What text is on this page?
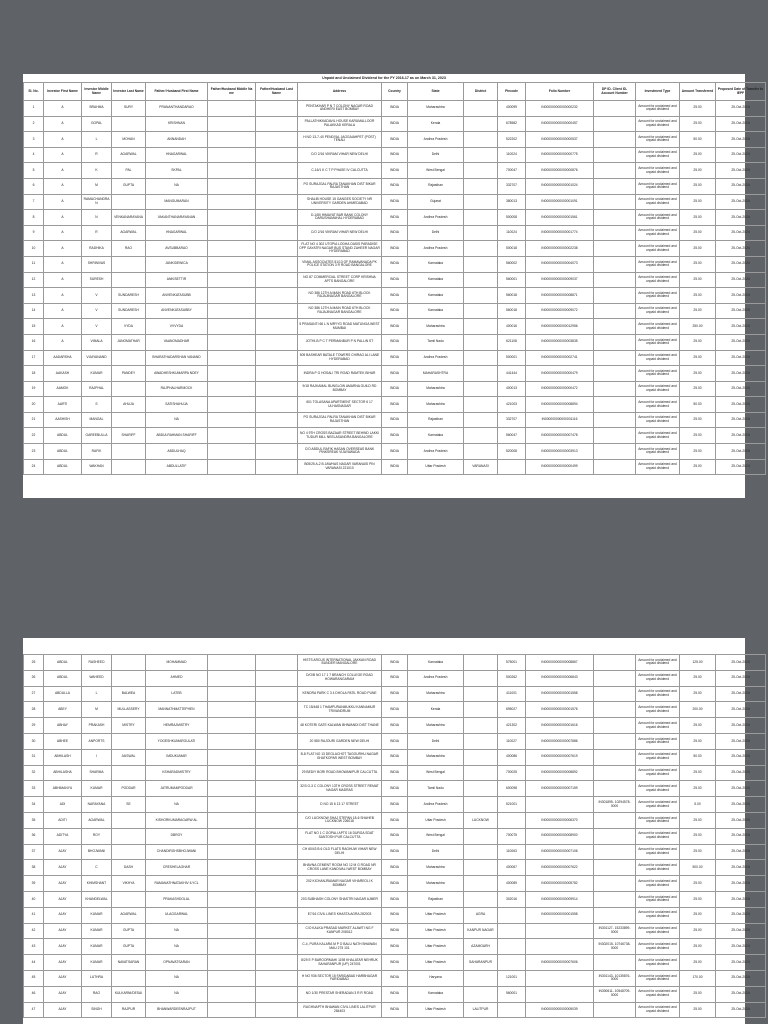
Unpaid and Unclaimed Dividend for the FY 2016-17 as on March 31, 2023
Sl. No.	Investor First Name	Investor Middle Name	Investor Last Name	Father/ Husband First Name	Father/Husband Middle Na me	Father/Husband Last Name	Address	Country	State	District	Pincode	Folio Number	DP ID- Client ID- Account Number	Investment Type	Amount Transferred	Proposed Date of Transfer to IEPF
1	A	BRAHMA	SURY	PRANANTHANDARAO			PENTAKHAR P N T COLONY NAGAR ROAD ANDHERI EAST BOMBAY	INDIA	Maharashtra		400099	IN000000000000000232		Amount for unclaimed and unpaid dividend	25.00	25-Oct-2024
2	A	GOPAL		KRISHNAN			PALLATHIKKADAVIL HOUSE KARUMALLOOR PALAKKAD KERALA	INDIA	Kerala		678582	IN000000000000000457		Amount for unclaimed and unpaid dividend	25.00	25-Oct-2024
3	A	L	MOHAN	ANNANDAH			H NO 13-7-40 PENDYAL JAGGAIAHPET (POST) TENALI	INDIA	Andhra Pradesh		522202	IN000000000000000537		Amount for unclaimed and unpaid dividend	50.00	25-Oct-2024
4	A	R	AGARWAL	HNAGARWAL			C/O 2/16 VIKRAM VIHAR NEW DELHI	INDIA	Delhi		110024	IN000000000000000775		Amount for unclaimed and unpaid dividend	25.00	25-Oct-2024
5	A	K	PAL	SKPAL			C-16/1 K C T P PHASE IV CALCUTTA	INDIA	West Bengal		700047	IN000000000000000876		Amount for unclaimed and unpaid dividend	25.00	25-Oct-2024
6	A	M	GUPTA	NA			PO SURAJGAL PALRA TANAKHAN DIST BIKAR RAJASTHAN	INDIA	Rajasthan		332707	IN000000000000001024		Amount for unclaimed and unpaid dividend	25.00	25-Oct-2024
7	A	RAMACHANDRA N		MANGUMARAN			SHALIB HOUSE 15 GANGES SOCIETY NR UNIVERSITY GARDEN AHMEDABAD	INDIA	Gujarat		380013	IN000000000000001091		Amount for unclaimed and unpaid dividend	25.00	25-Oct-2024
8	A	N	VENKANARAYANA	VAKANTHANARAYANAN			D-1/80 HIMAYAT BAR BANK COLONY DARUSHAMAHAL HYDERABAD	INDIA	Andhra Pradesh		500008	IN000000000000001561		Amount for unclaimed and unpaid dividend	25.00	25-Oct-2024
9	A	R	AGARWAL	HNAGARWAL			C/O 2/16 VIKRAM VIHAR NEW DELHI	INDIA	Delhi		110024	IN000000000000001774		Amount for unclaimed and unpaid dividend	25.00	25-Oct-2024
10	A	RADHIKA	RAO	AVSUBBARAO			FLAT NO 4 302 UTOPIA LODHA OASIS PARADISE OPP GAYATRI NAGAR BUS STAND ZAHEER NAGAR HYDERABAD	INDIA	Andhra Pradesh		500018	IN000000000000002238		Amount for unclaimed and unpaid dividend	25.00	25-Oct-2024
11	A	SHRINIVAS		JANKIDEWICA			VIMAL ASSOCIATES 51/13 OF RAMAVANADA PK POLICE STATION 3 R ROAD BANGALORE	INDIA	Karnataka		560002	IN000000000000004073		Amount for unclaimed and unpaid dividend	25.00	25-Oct-2024
12	A	SURESH		ANKISETTIR			NO 87 COMMERCIAL STREET CORP KRISHNA APTS BANGALORE	INDIA	Karnataka		560001	IN000000000000009037		Amount for unclaimed and unpaid dividend	25.00	25-Oct-2024
13	A	V	SUNDARESH	ANVENKATASUBB			NO 386 12TH A MAIN ROAD 6TH BLOCK RAJAJINAGAR BANGALORE	INDIA	Karnataka		560018	IN000000000000008871		Amount for unclaimed and unpaid dividend	25.00	25-Oct-2024
14	A	V	SUNDARESH	ANVENKATASUBBY			NO 386 12TH A MAIN ROAD 6TH BLOCK RAJAJINAGAR BANGALORE	INDIA	Karnataka		560018	IN000000000000009072		Amount for unclaimed and unpaid dividend	25.00	25-Oct-2024
15	A	V	VYDA	VVVYDA			5 PRASANTI 66 L N MRYYD ROAD MATUNGA WEST MUMBAI	INDIA	Maharashtra		400016	IN000000000000012956		Amount for unclaimed and unpaid dividend	250.00	25-Oct-2024
16	A	VIMALA	JANOMATHAR	VAANOMADHAR			JOTHI-B P C T PERMANBUR P N PALLIN ST	INDIA	Tamil Nadu		621108	IN000000000000003835		Amount for unclaimed and unpaid dividend	25.00	25-Oct-2024
17	AADARSHA	VIJAYANAND		BHARATHADARSHAN VANAND			509 BASHEAR BATALE TOWERS CHIRAG ALI LANE HYDERABAD	INDIA	Andhra Pradesh		500001	IN000000000000002741		Amount for unclaimed and unpaid dividend	25.00	25-Oct-2024
18	AAKASH	KUMAR	PANDEY	AWADHESHKUMARPA NDEY			INDRA P G HOSALI TRI ROAD RAMTEK BIHAR	INDIA	MAHARASHTRA		441444	IN000000000000000479		Amount for unclaimed and unpaid dividend	25.00	25-Oct-2024
19	AAMOK	RAJPHAL		RAJPHALHARMOCK			9/18 RAJKAMAL BUNGLOW AMARNA GUILD RD BOMBAY	INDIA	Maharashtra		400013	IN000000000000000472		Amount for unclaimed and unpaid dividend	25.00	25-Oct-2024
20	AARTI	S	AHUJA	SATISHAHUJA			601 TOLASANA APARTMENT SECTOR 6 17 ULHASNAGAR	INDIA	Maharashtra		421003	IN000000000000008894		Amount for unclaimed and unpaid dividend	50.00	25-Oct-2024
21	AASHISH	MANGAL		NA			PO SURAJGAL PALRA TANAKHAN DIST BIKAR RAJASTHAN	INDIA	Rajasthan		332707	IN000000000000001116		Amount for unclaimed and unpaid dividend	25.00	25-Oct-2024
22	ABDUL	GAREEBULLA	SHARIFF	ABDULRAHMAN SHARIFF			NO 4 9TH CROSS BAZAAR STREET BEHIND LAKKI TUDUR MILL NEELASANDRA BANGALORE	INDIA	Karnataka		560047	IN000000000000007478		Amount for unclaimed and unpaid dividend	25.00	25-Oct-2024
23	ABDUL	RAFIK		ABDULHAQ			C/O ABDUL RAFIK HASAN OVERSEAS BANK PINKSREAK VIJAYAWADA	INDIA	Andhra Pradesh		520008	IN000000000000003913		Amount for unclaimed and unpaid dividend	25.00	25-Oct-2024
24	ABDUL	WAKHAN		ABDULLATIF			B05/25 A-2 B JAWHAS NAGAR VARANASI PIN VARANASI 221010	INDIA	Uttar Pradesh	VARANASI		IN000000000000000499		Amount for unclaimed and unpaid dividend	25.00	25-Oct-2024
25	ABDUL	RASHEED		MOHAMMAD			HISTS ARCUS INTERNATIONAL JAKKAN ROAD BUNDER MANGALORE	INDIA	Karnataka		575001	IN000000000000008867		Amount for unclaimed and unpaid dividend	125.00	25-Oct-2024
26	ABDUL	WAHEED		AHMED			D/O/B NO 17 1 7 BRANCH COLLEGE ROAD HOWARANGARAM	INDIA	Andhra Pradesh		500262	IN000000000000006843		Amount for unclaimed and unpaid dividend	25.00	25-Oct-2024
27	ABDULLA	L	BALWEA	LATEB			KENDRA PARK C 3 4 DHOLA PATIL ROAD PUNE	INDIA	Maharashtra		411001	IN000000000000001558		Amount for unclaimed and unpaid dividend	25.00	25-Oct-2024
28	ABEY	M	MULLASSERY	MANNATHMATTEPHEN			TC 15/448 1 THAMPURANMUKKU KANNAMUR TRIVANDRUM	INDIA	Kerala		695027	IN000000000000001576		Amount for unclaimed and unpaid dividend	200.00	25-Oct-2024
29	ABHAY	PRAKASH	MISTRY	HEMRAJMISTRY			48 KOTERI GATE KALWAN BHIWANDI DIST THANE	INDIA	Maharashtra		421302	IN000000000000001616		Amount for unclaimed and unpaid dividend	25.00	25-Oct-2024
30	ABHEE	ANPORTS		YOGESHKUMARGULATI			20 580 RAJOURI GARDEN NEW DELHI	INDIA	Delhi		110027	IN000000000000007886		Amount for unclaimed and unpaid dividend	25.00	25-Oct-2024
31	ABHILASH	I	JAISWAL	IMDUKUMAR			B-8 FLAT NO 13 DEGLACHOT TAGOURHU NAGAR GHATKOPAR WEST BOMBAY	INDIA	Maharashtra		400086	IN000000000000007619		Amount for unclaimed and unpaid dividend	50.00	25-Oct-2024
32	ABHILASHA	SHARMA		KSHARADMISTRY			29 BEDIY BORI ROAD BHOWANIPUR CALCUTTA	INDIA	West Bengal		700025	IN000000000000008892		Amount for unclaimed and unpaid dividend	25.00	25-Oct-2024
33	ABHIMANYU	KUMAR	PODDAR	JATRUMAMPODDAR			32/3 G-3 C COLONY 13TH CROSS STREET REMAT NAGAR MADRAS	INDIA	Tamil Nadu		600098	IN000000000000007159		Amount for unclaimed and unpaid dividend	25.00	25-Oct-2024
34	ADI	NARAYANA	SE	NA			D NO 15 6 13 17 STREET	INDIA	Andhra Pradesh		521001		IN301895- 10294578-0000	Amount for unclaimed and unpaid dividend	5.00	25-Oct-2024
35	ADITI	AGARWAL		KISHORKUMARAGARW AL			C/O LUCKNOW SHAJ STEPAN 18-6 SHAHEB LUCKNOW 226018	INDIA	Uttar Pradesh	LUCKNOW		IN000000000000006370		Amount for unclaimed and unpaid dividend	25.00	25-Oct-2024
36	ADITYA	ROY		DBROY			FLAT NO 1 C GOPALI APTS 16 DURGA SDAT SANTOSH PUR CALCUTTA	INDIA	West Bengal		700075	IN000000000000008900		Amount for unclaimed and unpaid dividend	25.00	25-Oct-2024
37	AJAY	BHOJWANI		CHANDIRGHSBHOJWANI			CH 60/43 B 6 OLD FLATS RAGHUW VIHAR NEW DELHI	INDIA	Delhi		110063	IN000000000000007106		Amount for unclaimed and unpaid dividend	25.00	25-Oct-2024
38	AJAY	C	DASH	CRESHELAGHAR			BHAVNA CEMENT ROOM NO 12 M G ROAD NR CROSS LANE KANDIVALI WEST BOMBAY	INDIA	Maharashtra		400067	IN000000000000007622		Amount for unclaimed and unpaid dividend	500.00	25-Oct-2024
39	AJAY	KHIMSHANT	VIKHYA	RAMANATHNATAKHIV ILYCL			202 KICHANJRAMAR NAGAR VIHAREOLI K BOMBAY	INDIA	Maharashtra		400089	IN000000000000005782		Amount for unclaimed and unpaid dividend	25.00	25-Oct-2024
40	AJAY	KHANDELWAL		PRAKASHDOLAL			203 SUBHASH COLONY SHASTRI NAGAR AJMER	INDIA	Rajasthan		302016	IN000000000000009914		Amount for unclaimed and unpaid dividend	25.00	25-Oct-2024
41	AJAY	KUMAR	AGARWAL	ULAGGARWAL			E7/16 CIVIL LINES KHASTA AGRA 282003	INDIA	Uttar Pradesh	AGRA		IN000000000000001558		Amount for unclaimed and unpaid dividend	25.00	25-Oct-2024
42	AJAY	KUMAR	GUPTA	NA			C/O KALKA PRASAD MARKET ALAWTI NG F KANPUR 208012	INDIA	Uttar Pradesh	KANPUR NAGAR			IN301127- 15233899-0000	Amount for unclaimed and unpaid dividend	25.00	25-Oct-2024
43	AJAY	KUMAR	GUPTA	NA			C-4, PURA KALARA M P O BALU NATH BHAWAN MAU 275 101	INDIA	Uttar Pradesh	AZAMGARH			IN302015- 10746738-0000	Amount for unclaimed and unpaid dividend	25.00	25-Oct-2024
44	AJAY	KUMAR	NAVATSARAN	OPNAVATSARAN			8/29 E P BAROORMAHI 1198 KHALATAR NEHRUK SAHARANPUR (UP) 247001	INDIA	Uttar Pradesh	SAHARANPUR		IN000000000000007606		Amount for unclaimed and unpaid dividend	25.00	25-Oct-2024
45	AJAY	LUTHRA		NA			H NO 936 SECTOR 15 FARIDABAD HARBHAGAR FARIDABAD	INDIA	Haryana		121001		IN301143- 10135876-0000	Amount for unclaimed and unpaid dividend	170.00	25-Oct-2024
46	AJAY	RAO	KULKARNI/DESAI	NA			NO 1/30 PRESTAR SHERADAN 3 R R ROAD	INDIA	Karnataka		560001		IN300611- 10548709-0000	Amount for unclaimed and unpaid dividend	25.00	25-Oct-2024
47	AJAY	SINGH	RAJPUR	BHANWARDEENRAJPUT			RUGHNAPTH BHAWAN CIVIL LINES LALITPUR 284403	INDIA	Uttar Pradesh	LALITPUR		IN000000000000005039		Amount for unclaimed and unpaid dividend	25.00	25-Oct-2024
